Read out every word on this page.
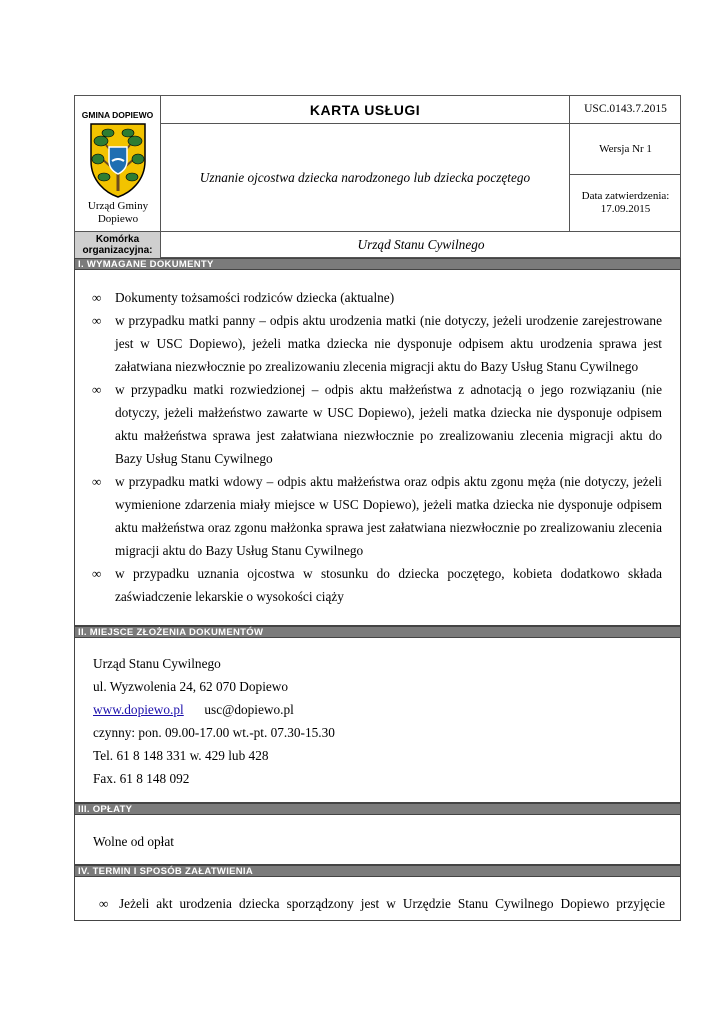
GMINA DOPIEWO
Urząd Gminy Dopiewo
KARTA USŁUGI	USC.0143.7.2015
Uznanie ojcostwa dziecka narodzonego lub dziecka poczętego
Wersja Nr 1
Data zatwierdzenia:
17.09.2015
Komórka organizacyjna:	Urząd Stanu Cywilnego
I. WYMAGANE DOKUMENTY
∞ Dokumenty tożsamości rodziców dziecka (aktualne)
∞ w przypadku matki panny – odpis aktu urodzenia matki (nie dotyczy, jeżeli urodzenie zarejestrowane jest w USC Dopiewo), jeżeli matka dziecka nie dysponuje odpisem aktu urodzenia sprawa jest załatwiana niezwłocznie po zrealizowaniu zlecenia migracji aktu do Bazy Usług Stanu Cywilnego
∞ w przypadku matki rozwiedzionej – odpis aktu małżeństwa z adnotacją o jego rozwiązaniu (nie dotyczy, jeżeli małżeństwo zawarte w USC Dopiewo), jeżeli matka dziecka nie dysponuje odpisem aktu małżeństwa sprawa jest załatwiana niezwłocznie po zrealizowaniu zlecenia migracji aktu do Bazy Usług Stanu Cywilnego
∞ w przypadku matki wdowy – odpis aktu małżeństwa oraz odpis aktu zgonu męża (nie dotyczy, jeżeli wymienione zdarzenia miały miejsce w USC Dopiewo), jeżeli matka dziecka nie dysponuje odpisem aktu małżeństwa oraz zgonu małżonka sprawa jest załatwiana niezwłocznie po zrealizowaniu zlecenia migracji aktu do Bazy Usług Stanu Cywilnego
∞ w przypadku uznania ojcostwa w stosunku do dziecka poczętego, kobieta dodatkowo składa zaświadczenie lekarskie o wysokości ciąży
II. MIEJSCE ZŁOŻENIA DOKUMENTÓW
Urząd Stanu Cywilnego
ul. Wyzwolenia 24, 62 070 Dopiewo
www.dopiewo.pl usc@dopiewo.pl
czynny: pon. 09.00-17.00 wt.-pt. 07.30-15.30
Tel. 61 8 148 331 w. 429 lub 428
Fax. 61 8 148 092
III. OPŁATY
Wolne od opłat
IV. TERMIN I SPOSÓB ZAŁATWIENIA
∞ Jeżeli akt urodzenia dziecka sporządzony jest w Urzędzie Stanu Cywilnego Dopiewo przyjęcie
